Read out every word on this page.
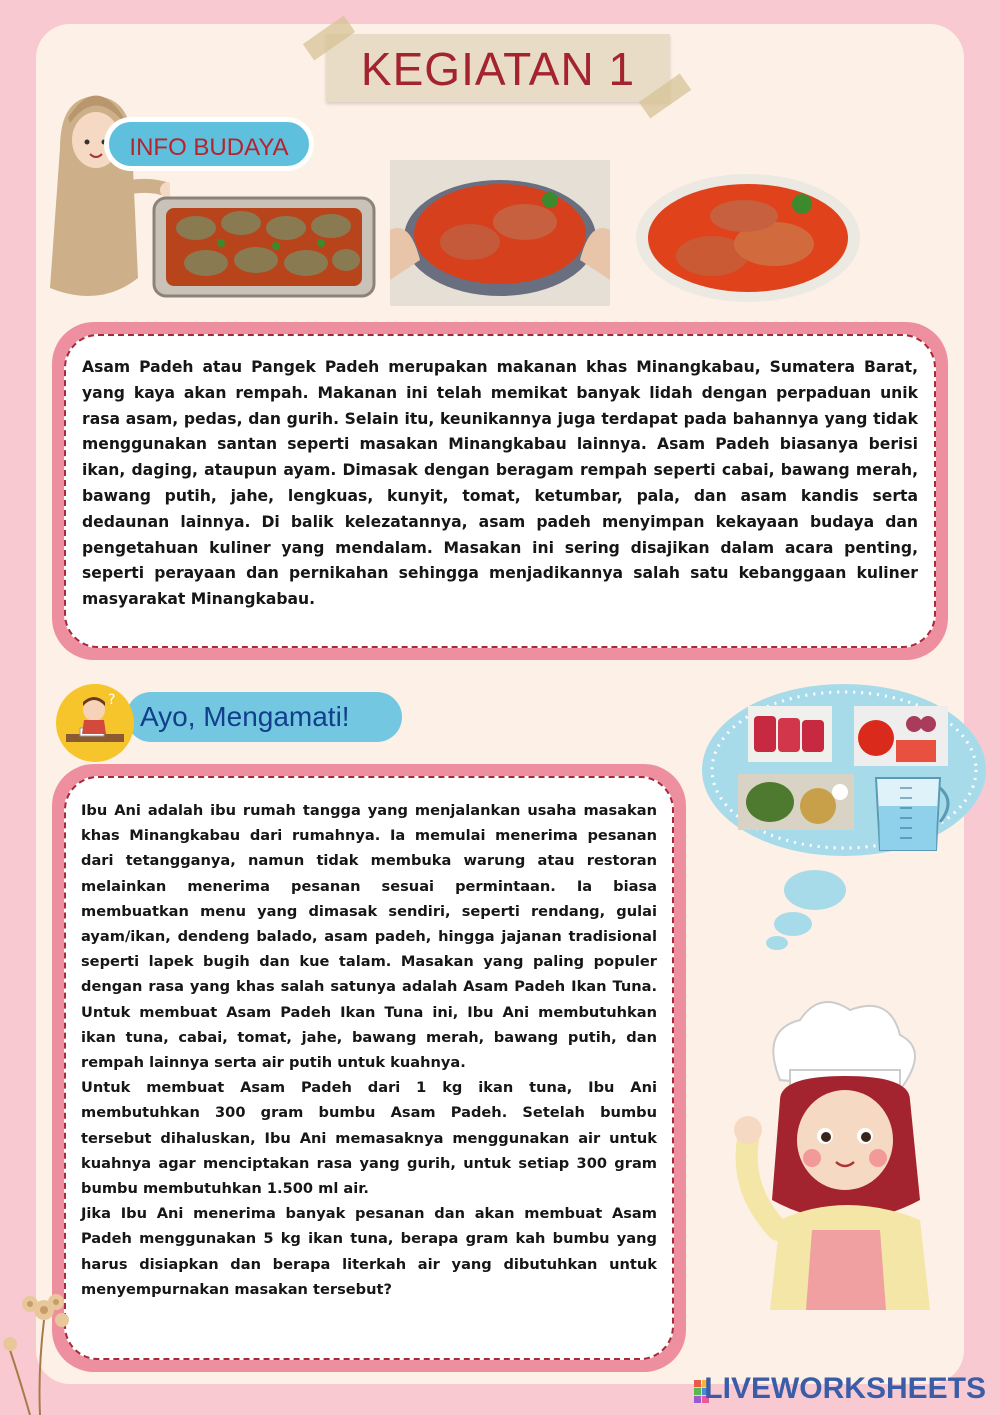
KEGIATAN 1
INFO BUDAYA
Asam Padeh atau Pangek Padeh merupakan makanan khas Minangkabau, Sumatera Barat, yang kaya akan rempah. Makanan ini telah memikat banyak lidah dengan perpaduan unik rasa asam, pedas, dan gurih. Selain itu, keunikannya juga terdapat pada bahannya yang tidak menggunakan santan seperti masakan Minangkabau lainnya. Asam Padeh biasanya berisi ikan, daging, ataupun ayam. Dimasak dengan beragam rempah seperti cabai, bawang merah, bawang putih, jahe, lengkuas, kunyit, tomat, ketumbar, pala, dan asam kandis serta dedaunan lainnya. Di balik kelezatannya, asam padeh menyimpan kekayaan budaya dan pengetahuan kuliner yang mendalam. Masakan ini sering disajikan dalam acara penting, seperti perayaan dan pernikahan sehingga menjadikannya salah satu kebanggaan kuliner masyarakat Minangkabau.
Ayo, Mengamati!
?

Ibu Ani adalah ibu rumah tangga yang menjalankan usaha masakan khas Minangkabau dari rumahnya. Ia memulai menerima pesanan dari tetangganya, namun tidak membuka warung atau restoran melainkan menerima pesanan sesuai permintaan. Ia biasa membuatkan menu yang dimasak sendiri, seperti rendang, gulai ayam/ikan, dendeng balado, asam padeh, hingga jajanan tradisional seperti lapek bugih dan kue talam. Masakan yang paling populer dengan rasa yang khas salah satunya adalah Asam Padeh Ikan Tuna. Untuk membuat Asam Padeh Ikan Tuna ini, Ibu Ani membutuhkan ikan tuna, cabai, tomat, jahe, bawang merah, bawang putih, dan rempah lainnya serta air putih untuk kuahnya.

Untuk membuat Asam Padeh dari 1 kg ikan tuna, Ibu Ani membutuhkan 300 gram bumbu Asam Padeh. Setelah bumbu tersebut dihaluskan, Ibu Ani memasaknya menggunakan air untuk kuahnya agar menciptakan rasa yang gurih, untuk setiap 300 gram bumbu membutuhkan 1.500 ml air.

Jika Ibu Ani menerima banyak pesanan dan akan membuat Asam Padeh menggunakan 5 kg ikan tuna, berapa gram kah bumbu yang harus disiapkan dan berapa literkah air yang dibutuhkan untuk menyempurnakan masakan tersebut?

LIVEWORKSHEETS
